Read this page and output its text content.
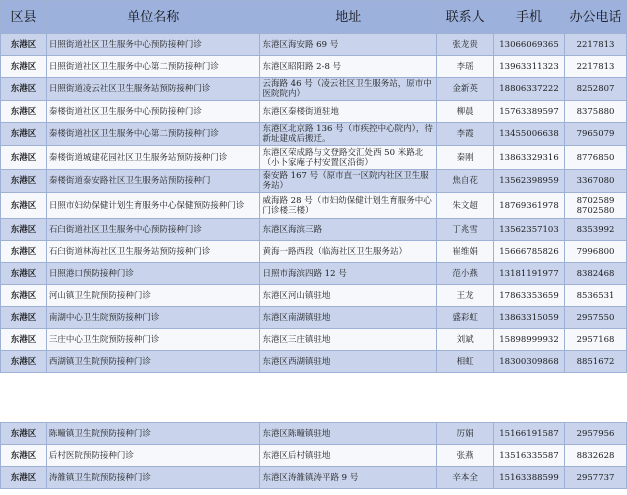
区县	单位名称	地址	联系人	手机	办公电话
东港区	日照街道社区卫生服务中心预防接种门诊	东港区海安路 69 号	张龙贵	13066069365	2217813
东港区	日照街道社区卫生服务中心第二预防接种门诊	东港区昭阳路 2-8 号	李瑶	13963311323	2217813
东港区	日照街道凌云社区卫生服务站预防接种门诊	云海路 46 号（凌云社区卫生服务站，原市中医院院内）	金新英	18806337222	8252807
东港区	秦楼街道社区卫生服务中心预防接种门诊	东港区秦楼街道驻地	柳晨	15763389597	8375880
东港区	秦楼街道社区卫生服务中心第二预防接种门诊	东港区北京路 136 号（市疾控中心院内），待新址建成后搬迁。	李霞	13455006638	7965079
东港区	秦楼街道城建花园社区卫生服务站预防接种门诊	东港区荣成路与文登路交汇处西 50 米路北（小卜家庵子村安置区沿街）	秦刚	13863329316	8776850
东港区	秦楼街道泰安路社区卫生服务站预防接种门	泰安路 167 号（原市直一区院内社区卫生服务站）	焦自花	13562398959	3367080
东港区	日照市妇幼保健计划生育服务中心保健预防接种门诊	威海路 28 号（市妇幼保健计划生育服务中心门诊楼三楼）	朱文超	18769361978	8702589
8702580

东港区	石臼街道社区卫生服务中心预防接种门诊	东港区海滨三路	丁兆雪	13562357103	8353992
东港区	石臼街道林海社区卫生服务站预防接种门诊	黄海一路西段（临海社区卫生服务站）	崔维娟	15666785826	7996800
东港区	日照港口预防接种门诊	日照市海滨四路 12 号	范小燕	13181191977	8382468
东港区	河山镇卫生院预防接种门诊	东港区河山镇驻地	王龙	17863353659	8536531
东港区	南湖中心卫生院预防接种门诊	东港区南湖镇驻地	盛彩虹	13863315059	2957550
东港区	三庄中心卫生院预防接种门诊	东港区三庄镇驻地	刘斌	15898999932	2957168
东港区	西湖镇卫生院预防接种门诊	东港区西湖镇驻地	相虹	18300309868	8851672
东港区	陈疃镇卫生院预防接种门诊	东港区陈疃镇驻地	厉娟	15166191587	2957956
东港区	后村医院预防接种门诊	东港区后村镇驻地	张燕	13516335587	8832628
东港区	涛雒镇卫生院预防接种门诊	东港区涛雒镇涛平路 9 号	辛本全	15163388599	2957737
